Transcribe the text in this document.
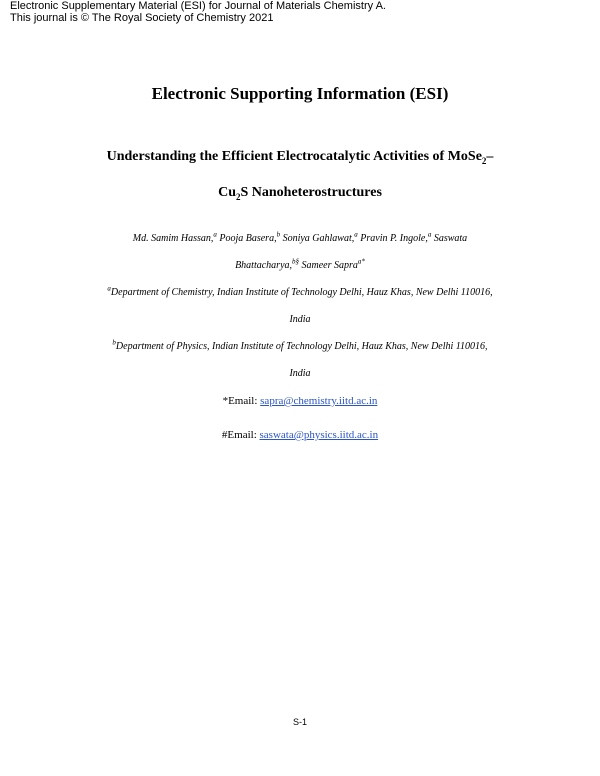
Electronic Supplementary Material (ESI) for Journal of Materials Chemistry A.
This journal is © The Royal Society of Chemistry 2021
Electronic Supporting Information (ESI)
Understanding the Efficient Electrocatalytic Activities of MoSe$_2$–
$Cu_2S$ Nanoheterostructures
Md. Samim Hassan,$^a$ Pooja Basera,$^b$ Soniya Gahlawat,$^a$ Pravin P. Ingole,$^a$ Saswata
Bhattacharya,$^{b\S}$ Sameer Sapra$^{a*}$
$^a$Department of Chemistry, Indian Institute of Technology Delhi, Hauz Khas, New Delhi 110016,
India
$^b$Department of Physics, Indian Institute of Technology Delhi, Hauz Khas, New Delhi 110016,
India
*Email: sapra@chemistry.iitd.ac.in
#Email: saswata@physics.iitd.ac.in
S-1
